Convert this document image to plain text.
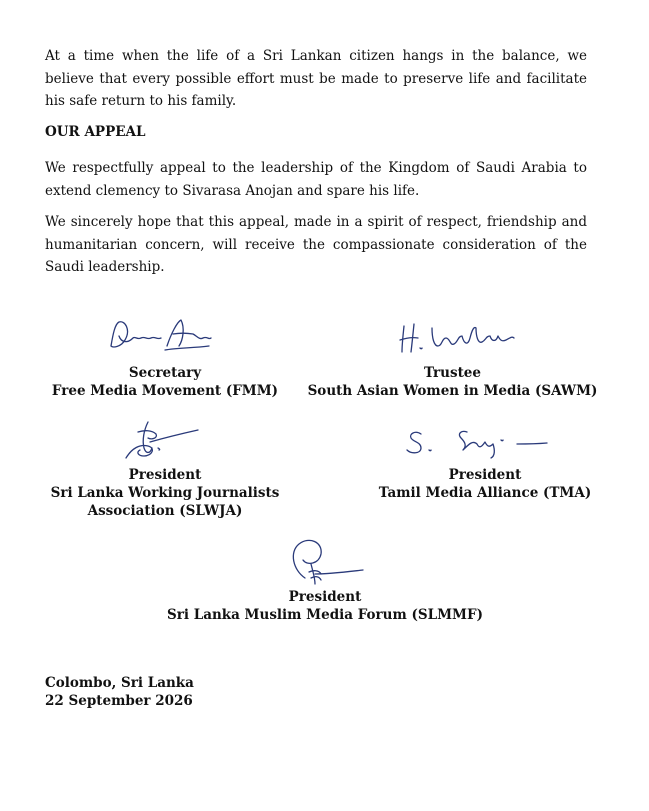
At a time when the life of a Sri Lankan citizen hangs in the balance, we believe that every possible effort must be made to preserve life and facilitate his safe return to his family.

OUR APPEAL

We respectfully appeal to the leadership of the Kingdom of Saudi Arabia to extend clemency to Sivarasa Anojan and spare his life.

We sincerely hope that this appeal, made in a spirit of respect, friendship and humanitarian concern, will receive the compassionate consideration of the Saudi leadership.

Secretary
Free Media Movement (FMM)
Trustee
South Asian Women in Media (SAWM)
President
Sri Lanka Working Journalists
Association (SLWJA)
President
Tamil Media Alliance (TMA)
President
Sri Lanka Muslim Media Forum (SLMMF)
Colombo, Sri Lanka
22 September 2026
